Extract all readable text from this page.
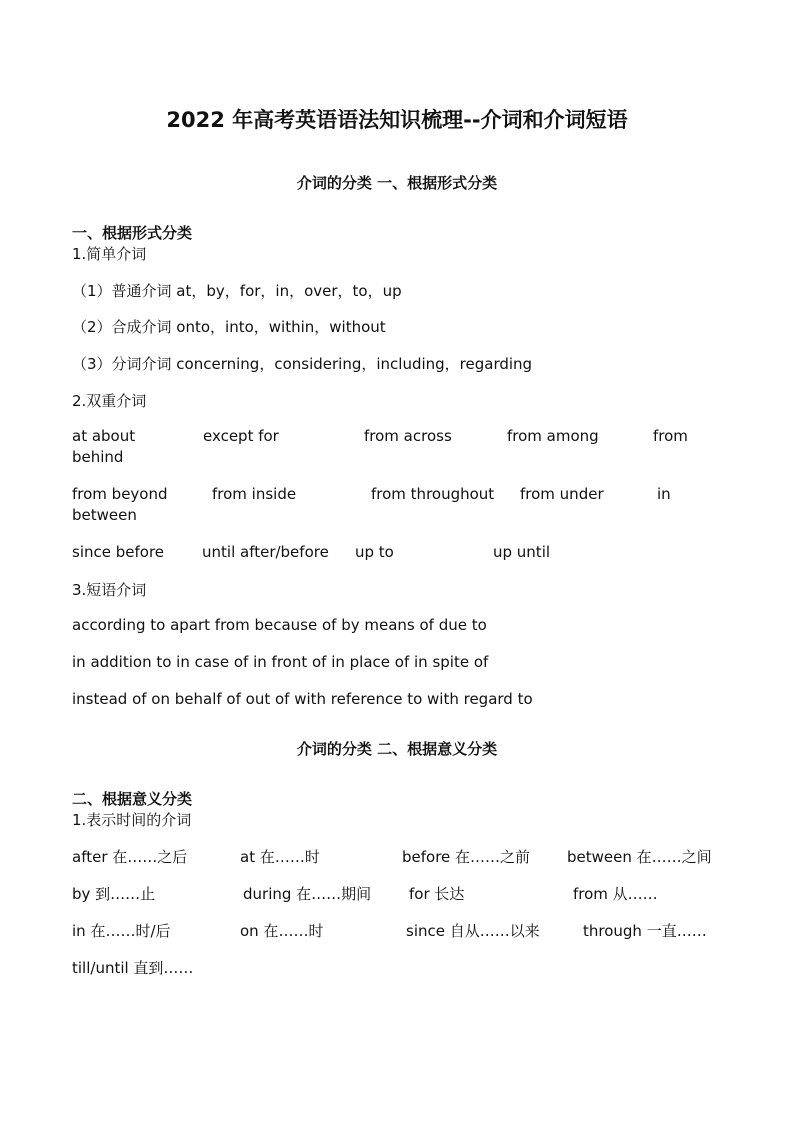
2022 年高考英语语法知识梳理--介词和介词短语
介词的分类 一、根据形式分类

一、根据形式分类

1.简单介词

（1）普通介词 at，by，for，in，over，to，up

（2）合成介词 onto，into，within，without

（3）分词介词 concerning，considering，including，regarding

2.双重介词

at about	except for	from across	from among	from
behind
from beyond	from inside	from throughout from under	in
between
since before	until after/before up to	up until

3.短语介词

according to apart from because of by means of due to

in addition to in case of in front of in place of in spite of

instead of on behalf of out of with reference to with regard to

介词的分类 二、根据意义分类

二、根据意义分类

1.表示时间的介词

after 在……之后	at 在……时	before 在……之前 between 在……之间
by 到……止	during 在……期间	for 长达	from 从……
in 在……时/后	on 在……时	since 自从……以来	through 一直……

till/until 直到……
